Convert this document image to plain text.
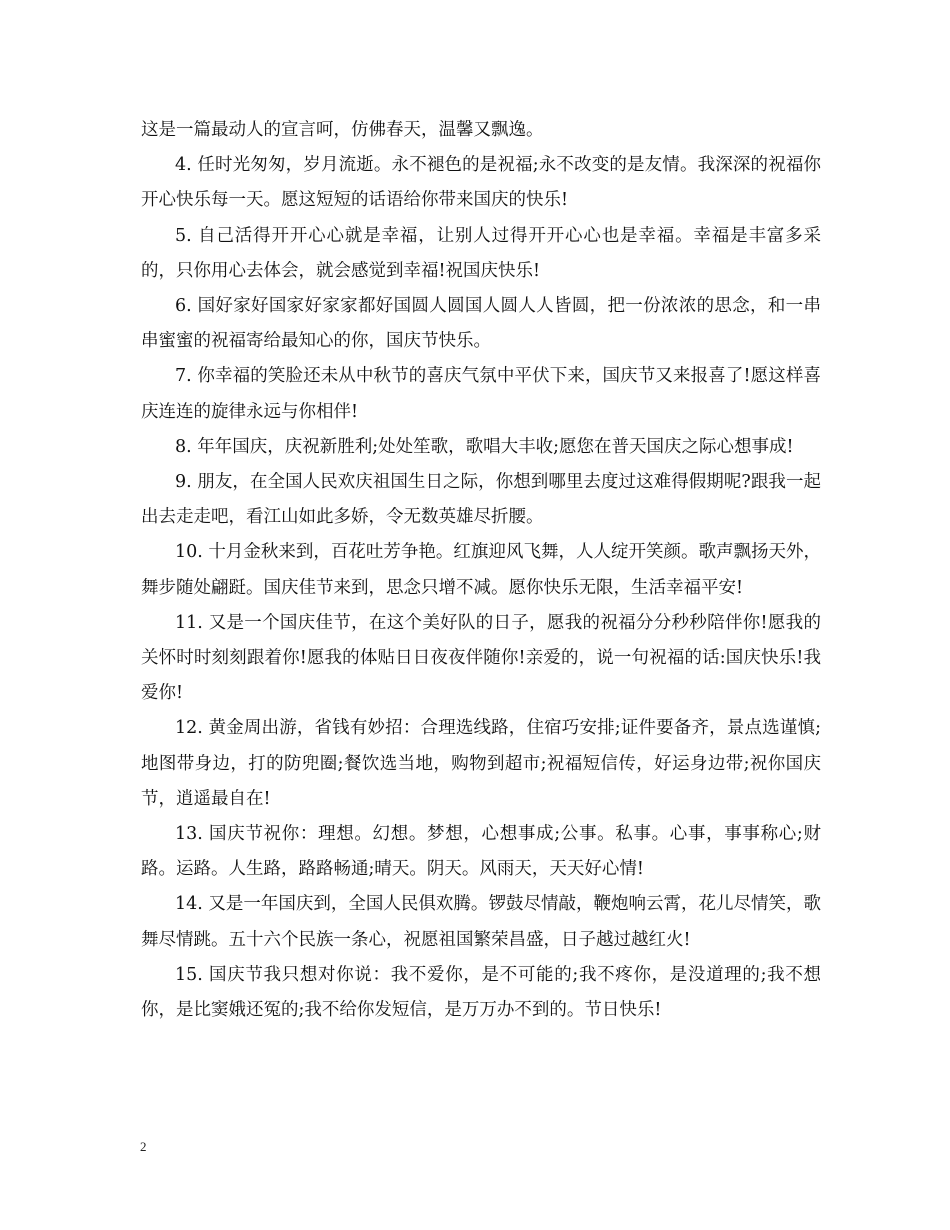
这是一篇最动人的宣言呵，仿佛春天，温馨又飘逸。

4. 任时光匆匆，岁月流逝。永不褪色的是祝福;永不改变的是友情。我深深的祝福你开心快乐每一天。愿这短短的话语给你带来国庆的快乐!

5. 自己活得开开心心就是幸福，让别人过得开开心心也是幸福。幸福是丰富多采的，只你用心去体会，就会感觉到幸福!祝国庆快乐!

6. 国好家好国家好家家都好国圆人圆国人圆人人皆圆，把一份浓浓的思念，和一串串蜜蜜的祝福寄给最知心的你，国庆节快乐。

7. 你幸福的笑脸还未从中秋节的喜庆气氛中平伏下来，国庆节又来报喜了!愿这样喜庆连连的旋律永远与你相伴!

8. 年年国庆，庆祝新胜利;处处笙歌，歌唱大丰收;愿您在普天国庆之际心想事成!

9. 朋友，在全国人民欢庆祖国生日之际，你想到哪里去度过这难得假期呢?跟我一起出去走走吧，看江山如此多娇，令无数英雄尽折腰。

10. 十月金秋来到，百花吐芳争艳。红旗迎风飞舞，人人绽开笑颜。歌声飘扬天外，舞步随处翩跹。国庆佳节来到，思念只增不减。愿你快乐无限，生活幸福平安!

11. 又是一个国庆佳节，在这个美好队的日子，愿我的祝福分分秒秒陪伴你!愿我的关怀时时刻刻跟着你!愿我的体贴日日夜夜伴随你!亲爱的，说一句祝福的话:国庆快乐!我爱你!

12. 黄金周出游，省钱有妙招：合理选线路，住宿巧安排;证件要备齐，景点选谨慎;地图带身边，打的防兜圈;餐饮选当地，购物到超市;祝福短信传，好运身边带;祝你国庆节，逍遥最自在!

13. 国庆节祝你：理想。幻想。梦想，心想事成;公事。私事。心事，事事称心;财路。运路。人生路，路路畅通;晴天。阴天。风雨天，天天好心情!

14. 又是一年国庆到，全国人民俱欢腾。锣鼓尽情敲，鞭炮响云霄，花儿尽情笑，歌舞尽情跳。五十六个民族一条心，祝愿祖国繁荣昌盛，日子越过越红火!

15. 国庆节我只想对你说：我不爱你，是不可能的;我不疼你，是没道理的;我不想你，是比窦娥还冤的;我不给你发短信，是万万办不到的。节日快乐!

2
